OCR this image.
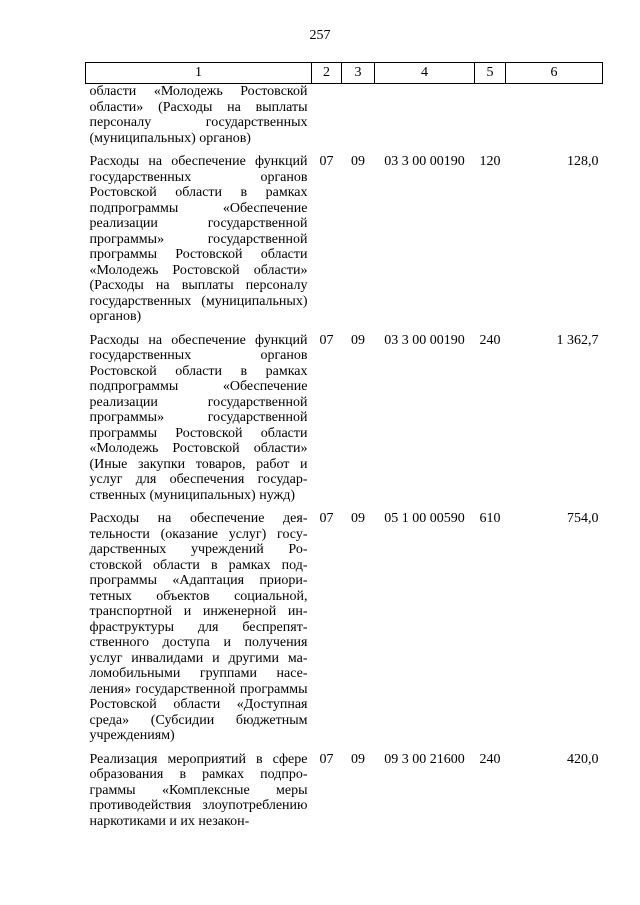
257
1	2	3	4	5	6
области «Молодежь Ростовской области» (Расходы на выплаты персоналу государственных (муниципальных) органов)					
Расходы на обеспечение функций государственных органов Ростовской области в рамках подпрограммы «Обеспечение реализации государственной программы» государственной программы Ростовской области «Молодежь Ростовской области» (Расходы на выплаты персоналу государственных (муниципальных) органов)	07	09	03 3 00 00190	120	128,0
Расходы на обеспечение функций государственных органов Ростовской области в рамках подпрограммы «Обеспечение реализации государственной программы» государственной программы Ростовской области «Молодежь Ростовской области» (Иные закупки товаров, работ и услуг для обеспечения государственных (муниципальных) нужд)	07	09	03 3 00 00190	240	1 362,7
Расходы на обеспечение деятельности (оказание услуг) государственных учреждений Ростовской области в рамках подпрограммы «Адаптация приоритетных объектов социальной, транспортной и инженерной инфраструктуры для беспрепятственного доступа и получения услуг инвалидами и другими маломобильными группами населения» государственной программы Ростовской области «Доступная среда» (Субсидии бюджетным учреждениям)	07	09	05 1 00 00590	610	754,0
Реализация мероприятий в сфере образования в рамках подпрограммы «Комплексные меры противодействия злоупотреблению наркотиками и их незакон-	07	09	09 3 00 21600	240	420,0
